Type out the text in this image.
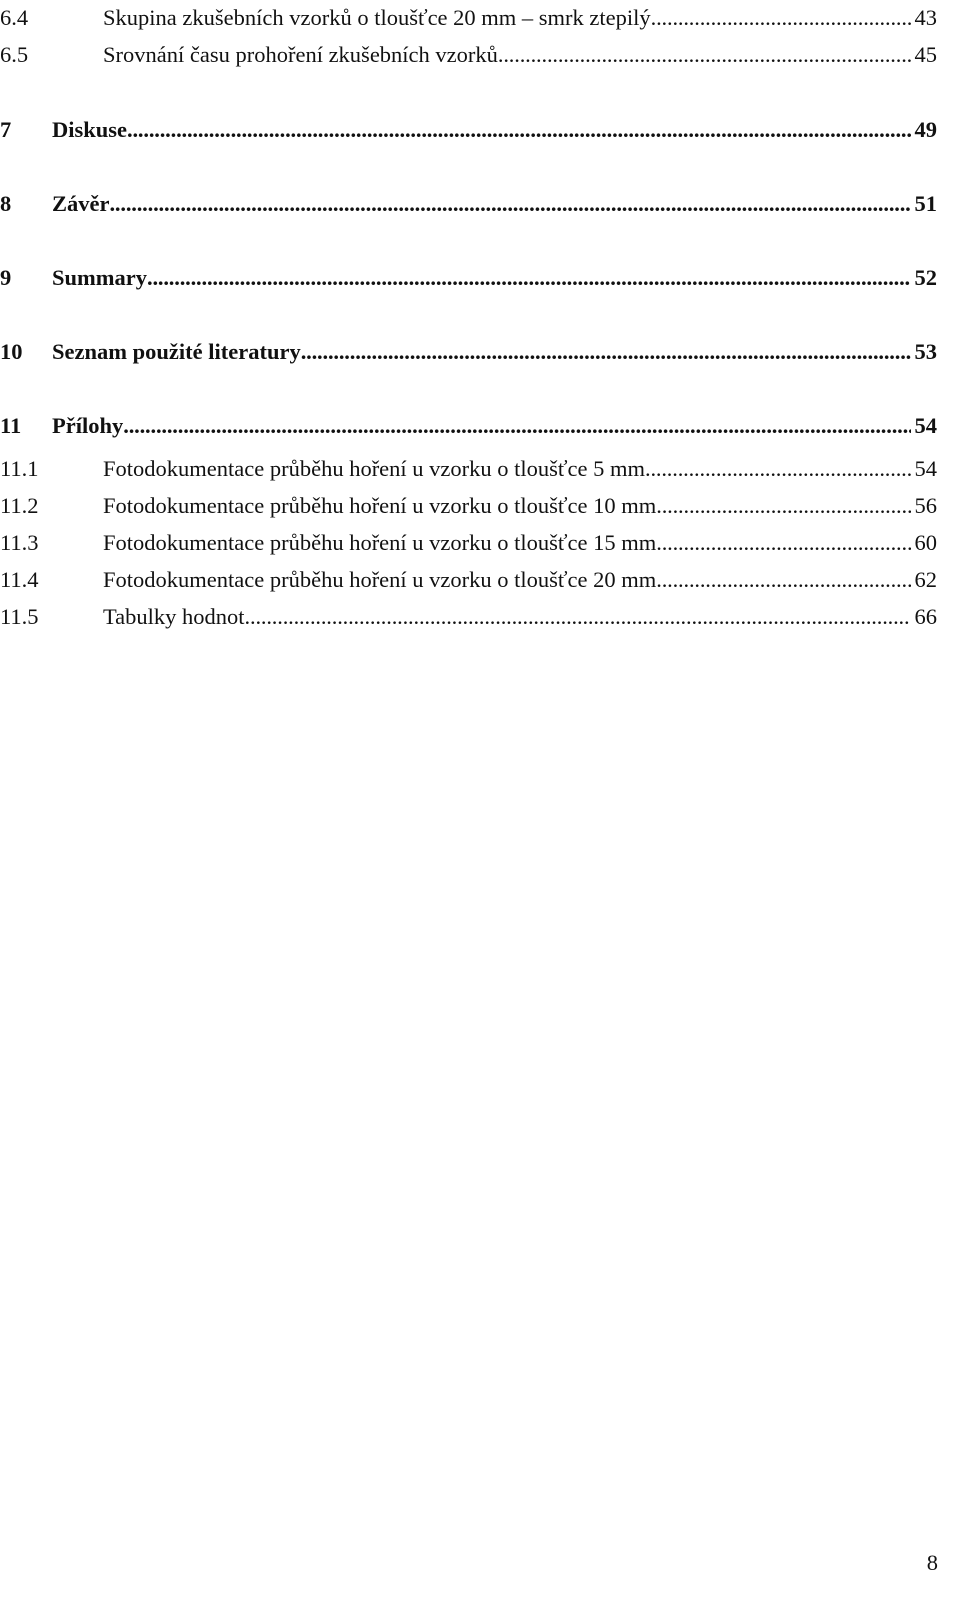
6.4	Skupina zkušebních vzorků o tloušťce 20 mm – smrk ztepilý . . .	43
6.5	Srovnání času prohoření zkušebních vzorků . . .	45
7	Diskuse . . .	49
8	Závěr . . .	51
9	Summary . . .	52
10	Seznam použité literatury . . .	53
11	Přílohy . . .	54
11.1	Fotodokumentace průběhu hoření u vzorku o tloušťce 5 mm . . .	54
11.2	Fotodokumentace průběhu hoření u vzorku o tloušťce 10 mm . . .	56
11.3	Fotodokumentace průběhu hoření u vzorku o tloušťce 15 mm . . .	60
11.4	Fotodokumentace průběhu hoření u vzorku o tloušťce 20 mm . . .	62
11.5	Tabulky hodnot . . .	66
8
